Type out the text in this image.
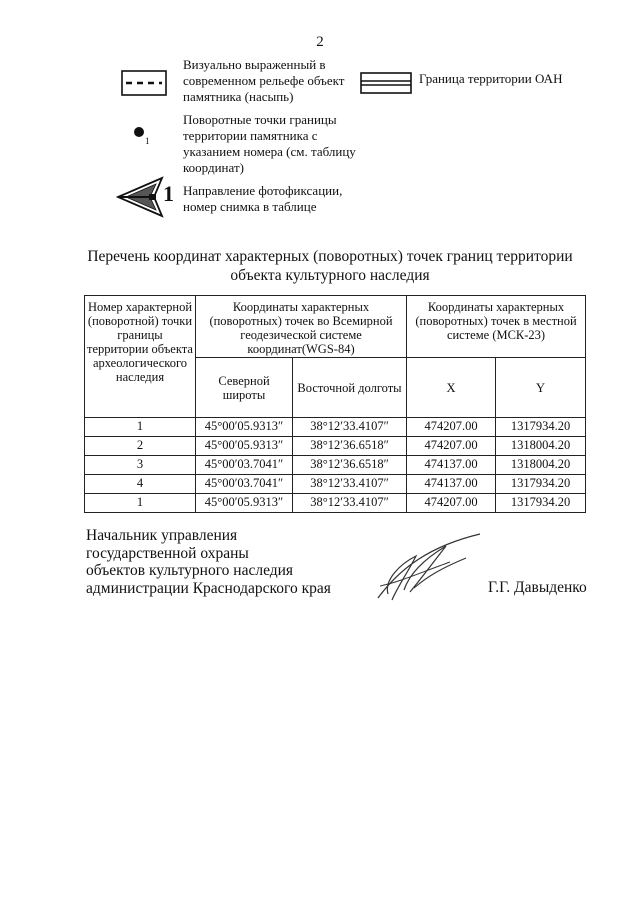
2
Визуально выраженный в современном рельефе объект памятника (насыпь)
Граница территории ОАН
1
Поворотные точки границы территории памятника с указанием номера (см. таблицу координат)
1 Направление фотофиксации, номер снимка в таблице
Перечень координат характерных (поворотных) точек границ территории объекта культурного наследия
Номер характерной (поворотной) точки границы территории объекта археологического наследия	Координаты характерных (поворотных) точек во Всемирной геодезической системе координат(WGS-84)		Координаты характерных (поворотных) точек в местной системе (МСК-23)	
	Северной широты	Восточной долготы	X	Y
1	45°00′05.9313″	38°12′33.4107″	474207.00	1317934.20
2	45°00′05.9313″	38°12′36.6518″	474207.00	1318004.20
3	45°00′03.7041″	38°12′36.6518″	474137.00	1318004.20
4	45°00′03.7041″	38°12′33.4107″	474137.00	1317934.20
1	45°00′05.9313″	38°12′33.4107″	474207.00	1317934.20
Начальник управления
государственной охраны
объектов культурного наследия
администрации Краснодарского края	Г.Г. Давыденко
